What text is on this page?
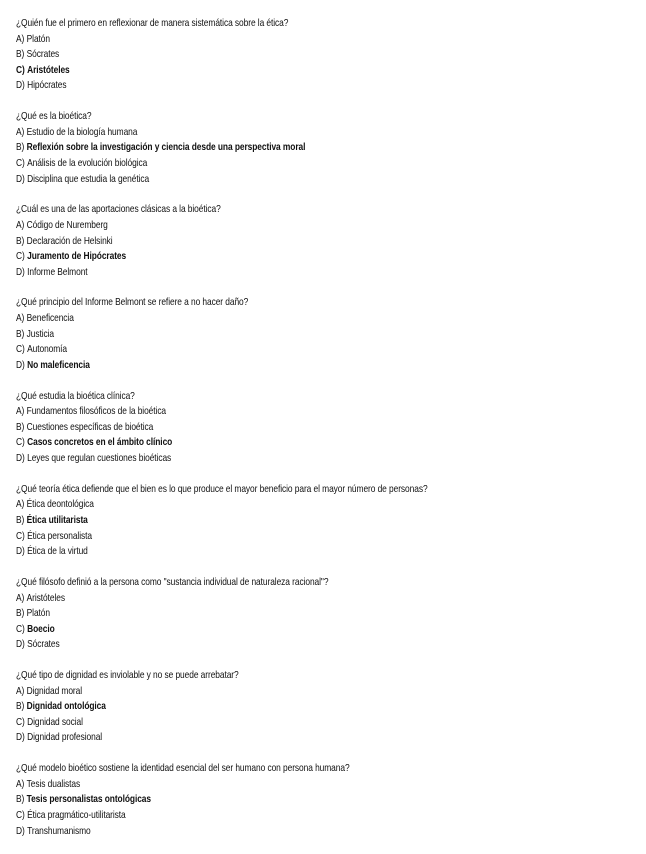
¿Quién fue el primero en reflexionar de manera sistemática sobre la ética?
A) Platón
B) Sócrates
C) Aristóteles
D) Hipócrates
¿Qué es la bioética?
A) Estudio de la biología humana
B) Reflexión sobre la investigación y ciencia desde una perspectiva moral
C) Análisis de la evolución biológica
D) Disciplina que estudia la genética
¿Cuál es una de las aportaciones clásicas a la bioética?
A) Código de Nuremberg
B) Declaración de Helsinki
C) Juramento de Hipócrates
D) Informe Belmont
¿Qué principio del Informe Belmont se refiere a no hacer daño?
A) Beneficencia
B) Justicia
C) Autonomía
D) No maleficencia
¿Qué estudia la bioética clínica?
A) Fundamentos filosóficos de la bioética
B) Cuestiones específicas de bioética
C) Casos concretos en el ámbito clínico
D) Leyes que regulan cuestiones bioéticas
¿Qué teoría ética defiende que el bien es lo que produce el mayor beneficio para el mayor número de personas?
A) Ética deontológica
B) Ética utilitarista
C) Ética personalista
D) Ética de la virtud
¿Qué filósofo definió a la persona como "sustancia individual de naturaleza racional"?
A) Aristóteles
B) Platón
C) Boecio
D) Sócrates
¿Qué tipo de dignidad es inviolable y no se puede arrebatar?
A) Dignidad moral
B) Dignidad ontológica
C) Dignidad social
D) Dignidad profesional
¿Qué modelo bioético sostiene la identidad esencial del ser humano con persona humana?
A) Tesis dualistas
B) Tesis personalistas ontológicas
C) Ética pragmático-utilitarista
D) Transhumanismo
